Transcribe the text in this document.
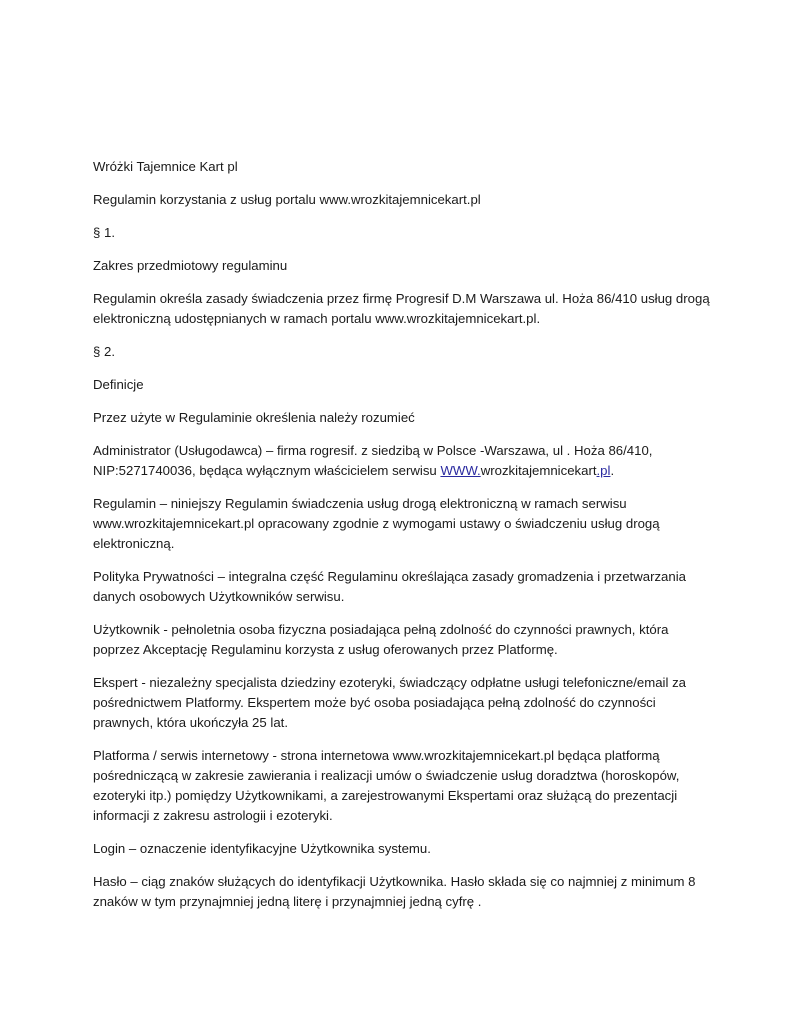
Wróżki Tajemnice Kart pl

Regulamin korzystania z usług portalu www.wrozkitajemnicekart.pl

§ 1.

Zakres przedmiotowy regulaminu

Regulamin określa zasady świadczenia przez firmę Progresif D.M Warszawa ul. Hoża 86/410 usług drogą
elektroniczną udostępnianych w ramach portalu www.wrozkitajemnicekart.pl.

§ 2.

Definicje

Przez użyte w Regulaminie określenia należy rozumieć

Administrator (Usługodawca) – firma rogresif. z siedzibą w Polsce -Warszawa, ul . Hoża 86/410,
NIP:5271740036, będąca wyłącznym właścicielem serwisu WWW.wrozkitajemnicekart.pl.

Regulamin – niniejszy Regulamin świadczenia usług drogą elektroniczną w ramach serwisu
www.wrozkitajemnicekart.pl opracowany zgodnie z wymogami ustawy o świadczeniu usług drogą
elektroniczną.

Polityka Prywatności – integralna część Regulaminu określająca zasady gromadzenia i przetwarzania
danych osobowych Użytkowników serwisu.

Użytkownik - pełnoletnia osoba fizyczna posiadająca pełną zdolność do czynności prawnych, która
poprzez Akceptację Regulaminu korzysta z usług oferowanych przez Platformę.

Ekspert - niezależny specjalista dziedziny ezoteryki, świadczący odpłatne usługi telefoniczne/email za
pośrednictwem Platformy. Ekspertem może być osoba posiadająca pełną zdolność do czynności
prawnych, która ukończyła 25 lat.

Platforma / serwis internetowy - strona internetowa www.wrozkitajemnicekart.pl będąca platformą
pośredniczącą w zakresie zawierania i realizacji umów o świadczenie usług doradztwa (horoskopów,
ezoteryki itp.) pomiędzy Użytkownikami, a zarejestrowanymi Ekspertami oraz służącą do prezentacji
informacji z zakresu astrologii i ezoteryki.

Login – oznaczenie identyfikacyjne Użytkownika systemu.

Hasło – ciąg znaków służących do identyfikacji Użytkownika. Hasło składa się co najmniej z minimum 8
znaków w tym przynajmniej jedną literę i przynajmniej jedną cyfrę .
